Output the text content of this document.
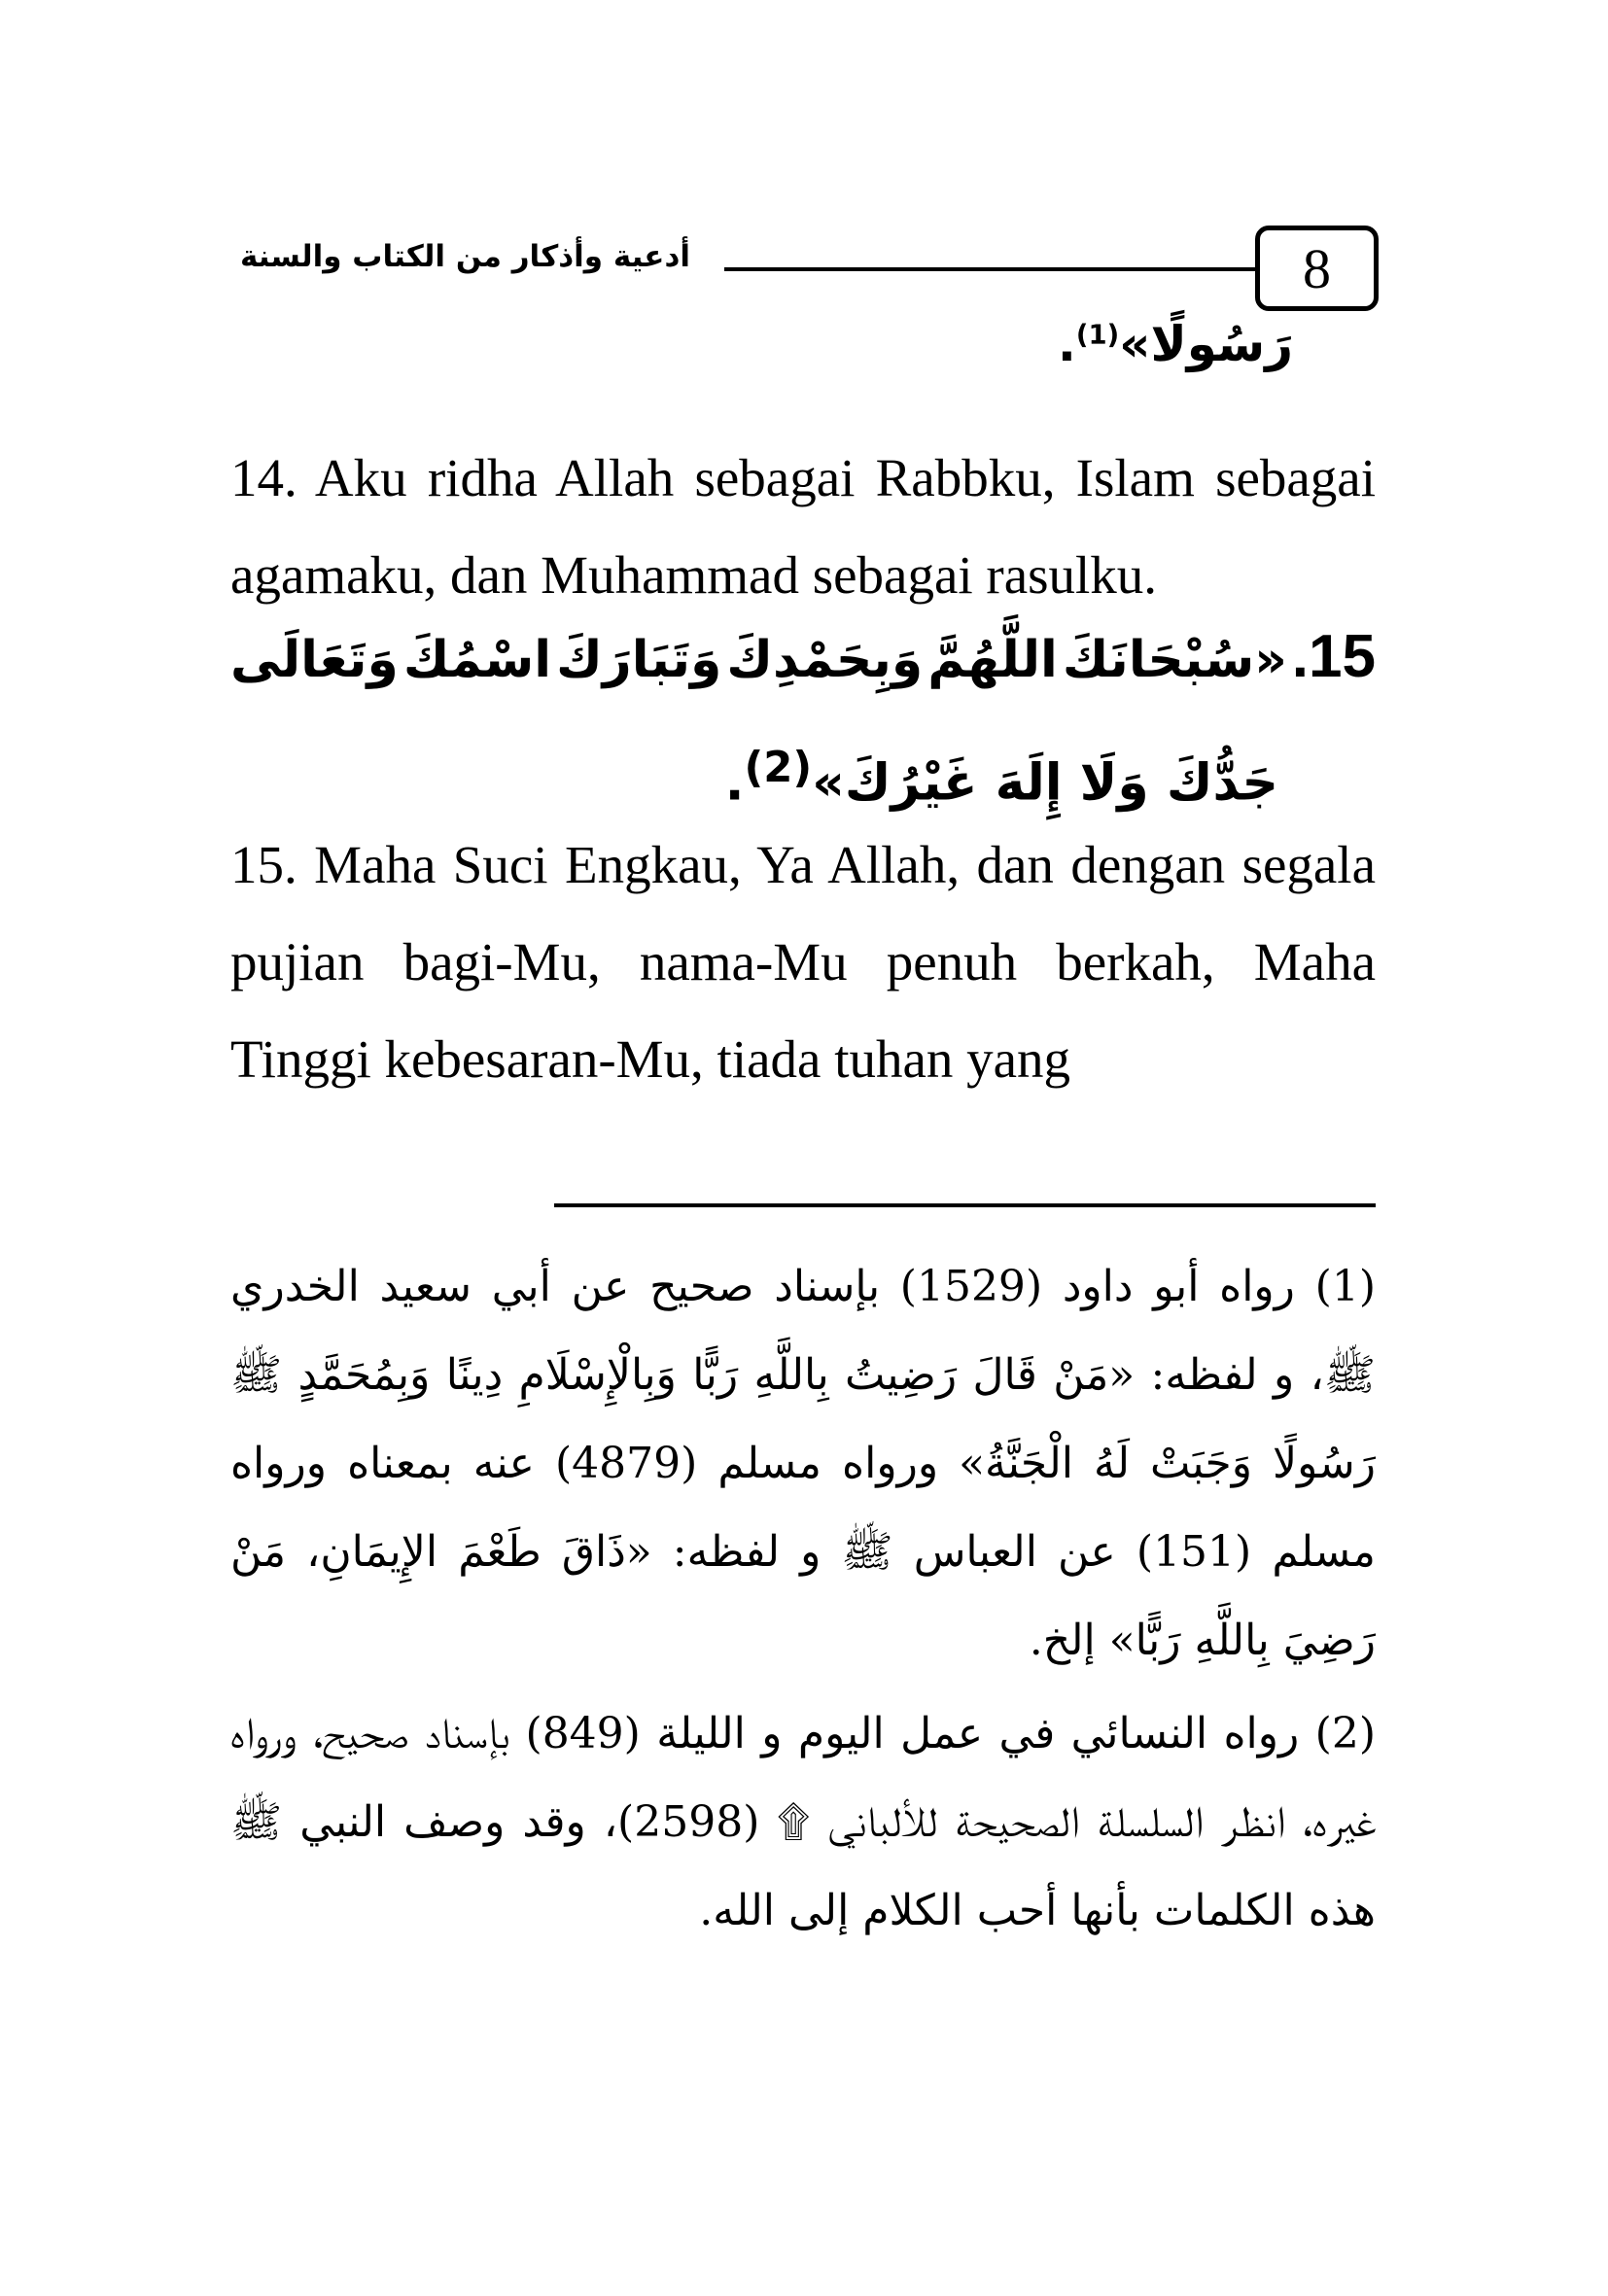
8
أدعية وأذكار من الكتاب والسنة
رَسُولًا»$^{(1)}$.
14. Aku ridha Allah sebagai Rabbku, Islam sebagai agamaku, dan Muhammad sebagai rasulku.
15.
«سُبْحَانَكَ
اللَّهُمَّ
وَبِحَمْدِكَ
وَتَبَارَكَ
اسْمُكَ
وَتَعَالَى
جَدُّكَ وَلَا إِلَهَ غَيْرُكَ»$^{(2)}$.
15. Maha Suci Engkau, Ya Allah, dan dengan segala pujian bagi-Mu, nama-Mu penuh berkah, Maha Tinggi kebesaran-Mu, tiada tuhan yang
(1) رواه أبو داود (1529) بإسناد صحيح عن أبي سعيد الخدري ﷺ، و لفظه: «مَنْ قَالَ رَضِيتُ بِاللَّهِ رَبًّا وَبِالْإِسْلَامِ دِينًا وَبِمُحَمَّدٍ ﷺ رَسُولًا وَجَبَتْ لَهُ الْجَنَّةُ» ورواه مسلم (4879) عنه بمعناه ورواه مسلم (151) عن العباس ﷺ و لفظه: «ذَاقَ طَعْمَ الإِيمَانِ، مَنْ رَضِيَ بِاللَّهِ رَبًّا» إلخ.
(2) رواه النسائي في عمل اليوم و الليلة (849) بإسناد صحيح، ورواه غيره، انظر السلسلة الصحيحة للألباني ۩ (2598)، وقد وصف النبي ﷺ هذه الكلمات بأنها أحب الكلام إلى الله.
